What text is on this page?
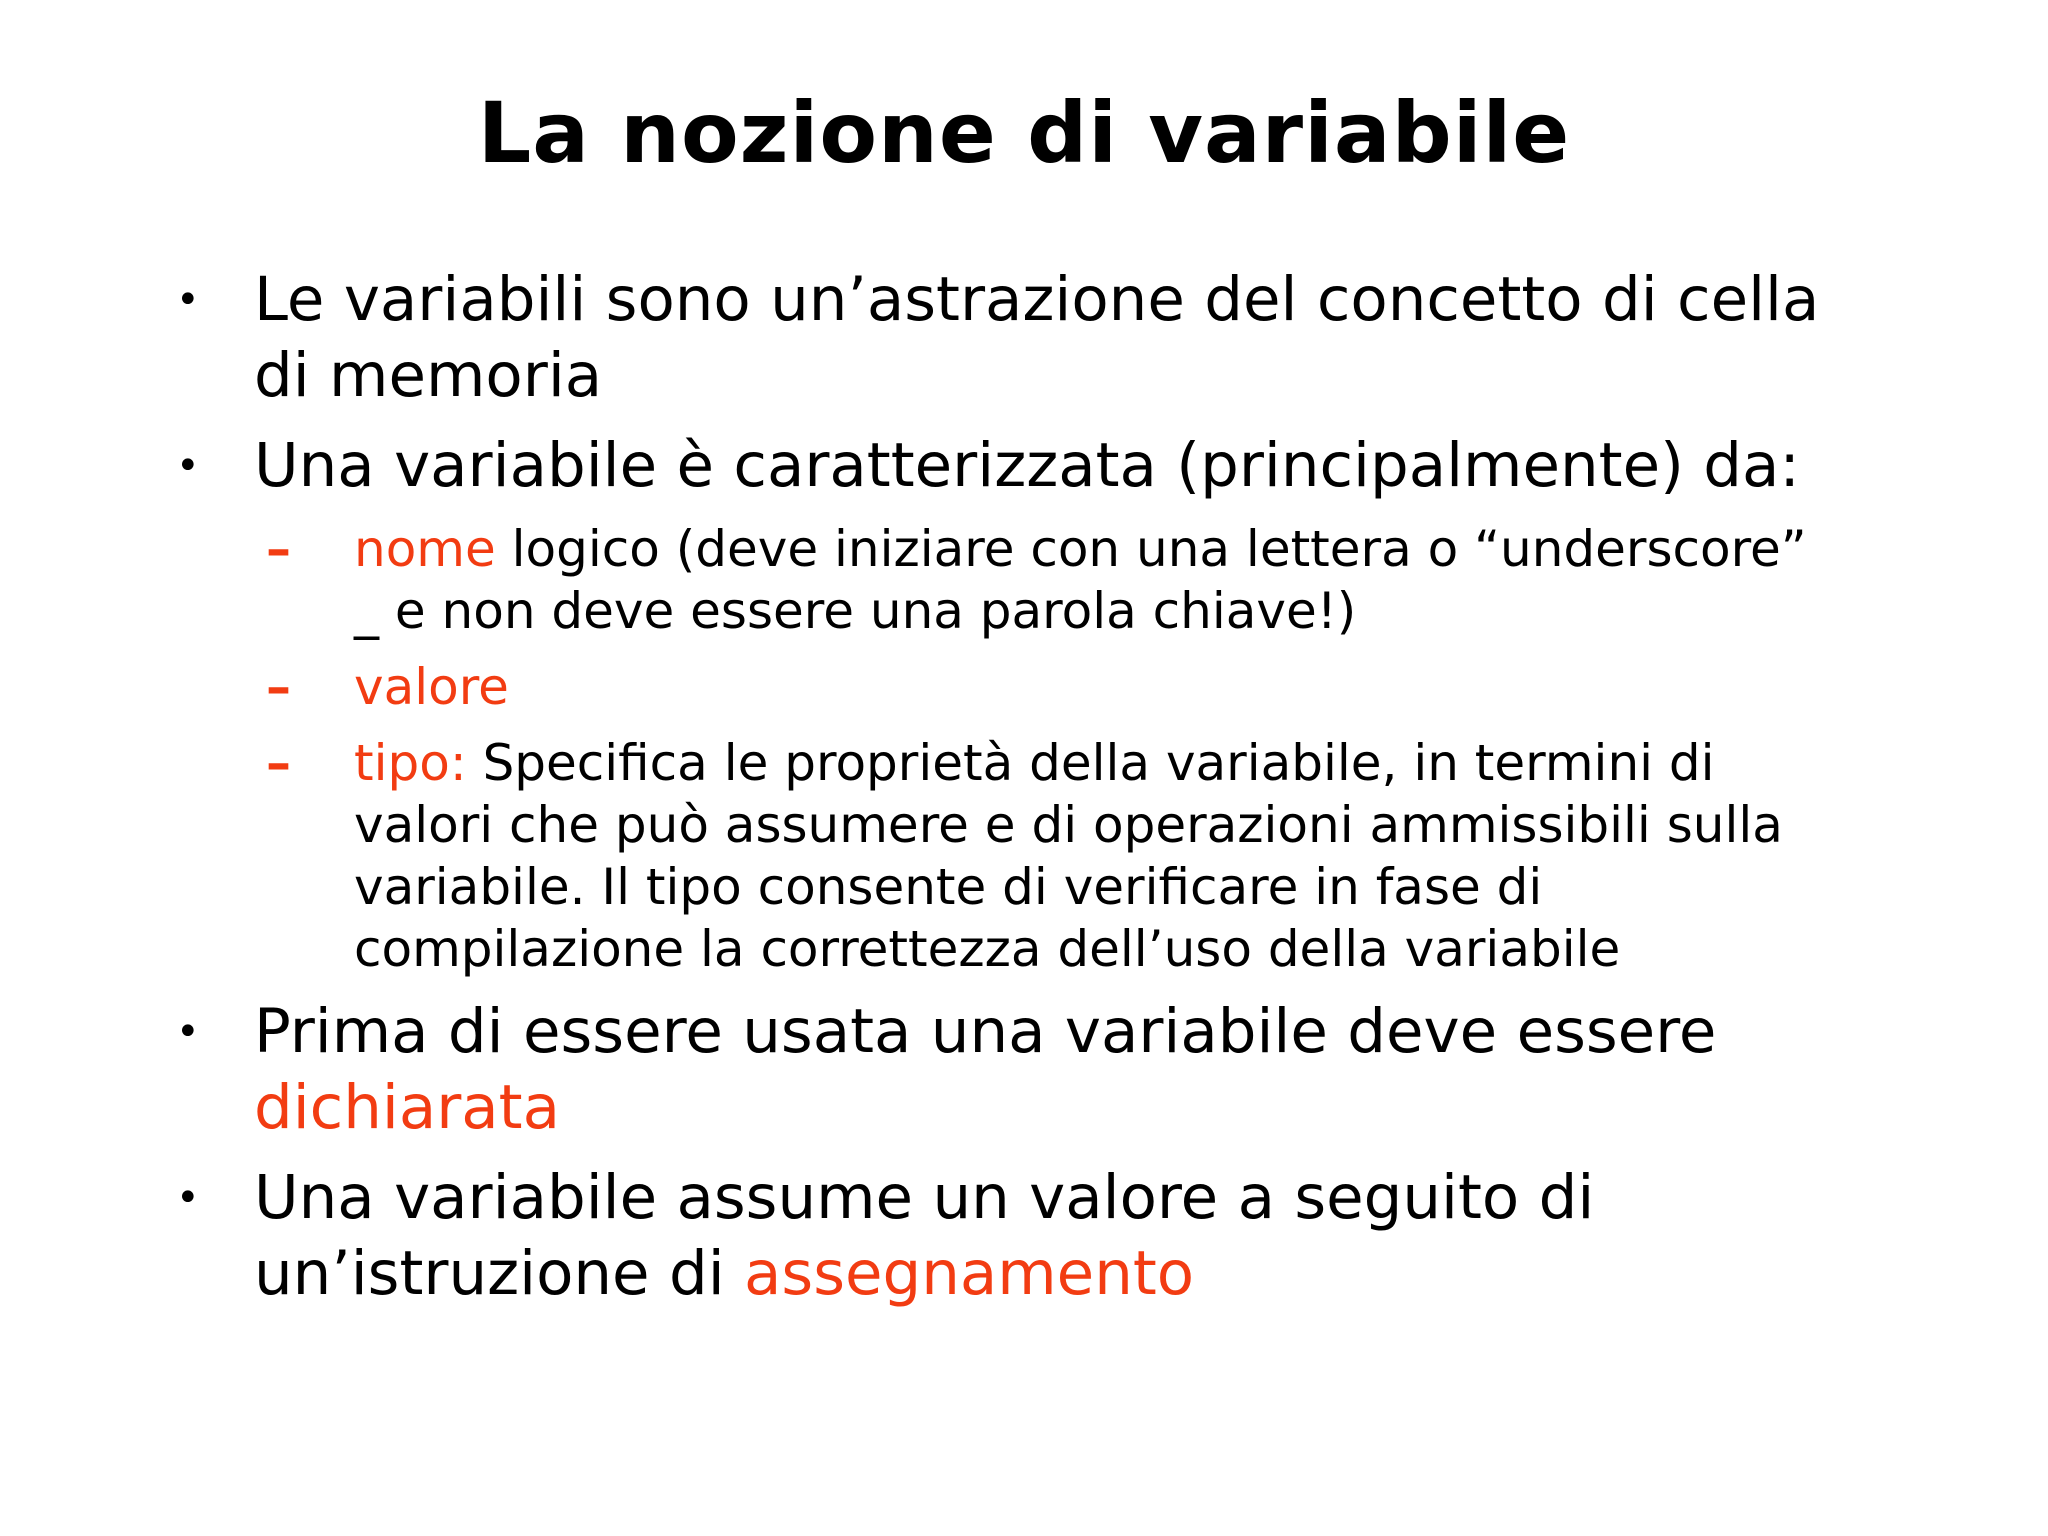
La nozione di variabile
• Le variabili sono un’astrazione del concetto di cella di memoria
• Una variabile è caratterizzata (principalmente) da:
– nome logico (deve iniziare con una lettera o “underscore” _ e non deve essere una parola chiave!)
– valore
– tipo: Specifica le proprietà della variabile, in termini di valori che può assumere e di operazioni ammissibili sulla variabile. Il tipo consente di verificare in fase di compilazione la correttezza dell’uso della variabile
• Prima di essere usata una variabile deve essere dichiarata
• Una variabile assume un valore a seguito di un’istruzione di assegnamento
